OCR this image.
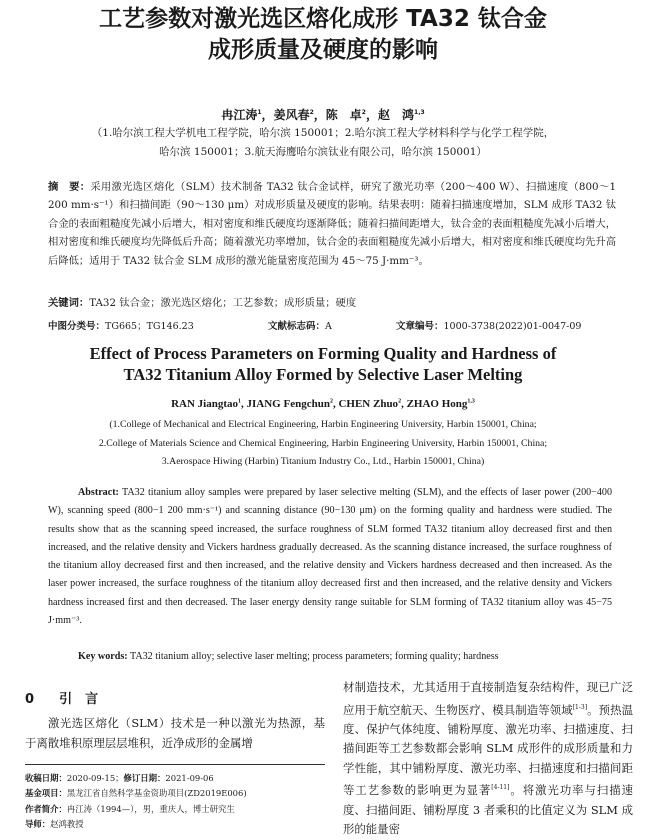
工艺参数对激光选区熔化成形 TA32 钛合金
成形质量及硬度的影响
冉江涛$^1$，姜风春$^2$，陈　卓$^2$，赵　鸿$^{1,3}$
（1.哈尔滨工程大学机电工程学院，哈尔滨 150001；2.哈尔滨工程大学材料科学与化学工程学院，
哈尔滨 150001；3.航天海鹰哈尔滨钛业有限公司，哈尔滨 150001）
摘　要：采用激光选区熔化（SLM）技术制备 TA32 钛合金试样，研究了激光功率（200～400 W）、扫描速度（800～1 200 mm·s⁻¹）和扫描间距（90～130 μm）对成形质量及硬度的影响。结果表明：随着扫描速度增加，SLM 成形 TA32 钛合金的表面粗糙度先减小后增大，相对密度和维氏硬度均逐渐降低；随着扫描间距增大，钛合金的表面粗糙度先减小后增大，相对密度和维氏硬度均先降低后升高；随着激光功率增加，钛合金的表面粗糙度先减小后增大，相对密度和维氏硬度均先升高后降低；适用于 TA32 钛合金 SLM 成形的激光能量密度范围为 45～75 J·mm⁻³。
关键词：TA32 钛合金；激光选区熔化；工艺参数；成形质量；硬度
中图分类号：TG665；TG146.23	文献标志码：A	文章编号：1000-3738(2022)01-0047-09
Effect of Process Parameters on Forming Quality and Hardness of
TA32 Titanium Alloy Formed by Selective Laser Melting
RAN Jiangtao$^1$, JIANG Fengchun$^2$, CHEN Zhuo$^2$, ZHAO Hong$^{1,3}$
(1.College of Mechanical and Electrical Engineering, Harbin Engineering University, Harbin 150001, China;
2.College of Materials Science and Chemical Engineering, Harbin Engineering University, Harbin 150001, China;
3.Aerospace Hiwing (Harbin) Titanium Industry Co., Ltd., Harbin 150001, China)
Abstract: TA32 titanium alloy samples were prepared by laser selective melting (SLM), and the effects of laser power (200−400 W), scanning speed (800−1 200 mm·s⁻¹) and scanning distance (90−130 μm) on the forming quality and hardness were studied. The results show that as the scanning speed increased, the surface roughness of SLM formed TA32 titanium alloy decreased first and then increased, and the relative density and Vickers hardness gradually decreased. As the scanning distance increased, the surface roughness of the titanium alloy decreased first and then increased, and the relative density and Vickers hardness decreased and then increased. As the laser power increased, the surface roughness of the titanium alloy decreased first and then increased, and the relative density and Vickers hardness increased first and then decreased. The laser energy density range suitable for SLM forming of TA32 titanium alloy was 45−75 J·mm⁻³.
Key words: TA32 titanium alloy; selective laser melting; process parameters; forming quality; hardness
0 引　言
激光选区熔化（SLM）技术是一种以激光为热源，基于离散堆积原理层层堆积，近净成形的金属增
收稿日期：2020-09-15；修订日期：2021-09-06
基金项目：黑龙江省自然科学基金资助项目(ZD2019E006)
作者简介：冉江涛（1994—），男，重庆人，博士研究生
导师：赵鸿教授
材制造技术，尤其适用于直接制造复杂结构件，现已广泛应用于航空航天、生物医疗、模具制造等领域[1-3]。预热温度、保护气体纯度、铺粉厚度、激光功率、扫描速度、扫描间距等工艺参数都会影响 SLM 成形件的成形质量和力学性能，其中铺粉厚度、激光功率、扫描速度和扫描间距等工艺参数的影响更为显著[4-11]。将激光功率与扫描速度、扫描间距、铺粉厚度 3 者乘积的比值定义为 SLM 成形的能量密
